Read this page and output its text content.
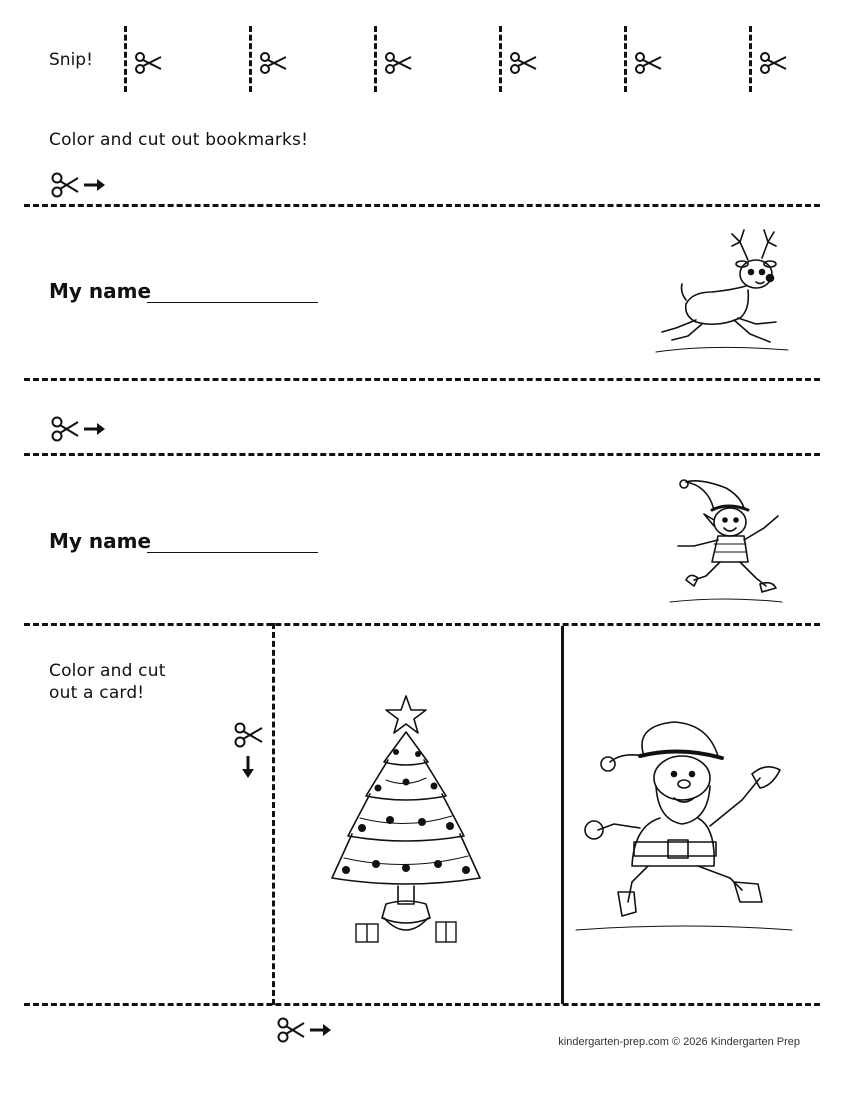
Snip!
Color and cut out bookmarks!
My name
My name
Color and cut
out a card!
kindergarten-prep.com © 2026 Kindergarten Prep
